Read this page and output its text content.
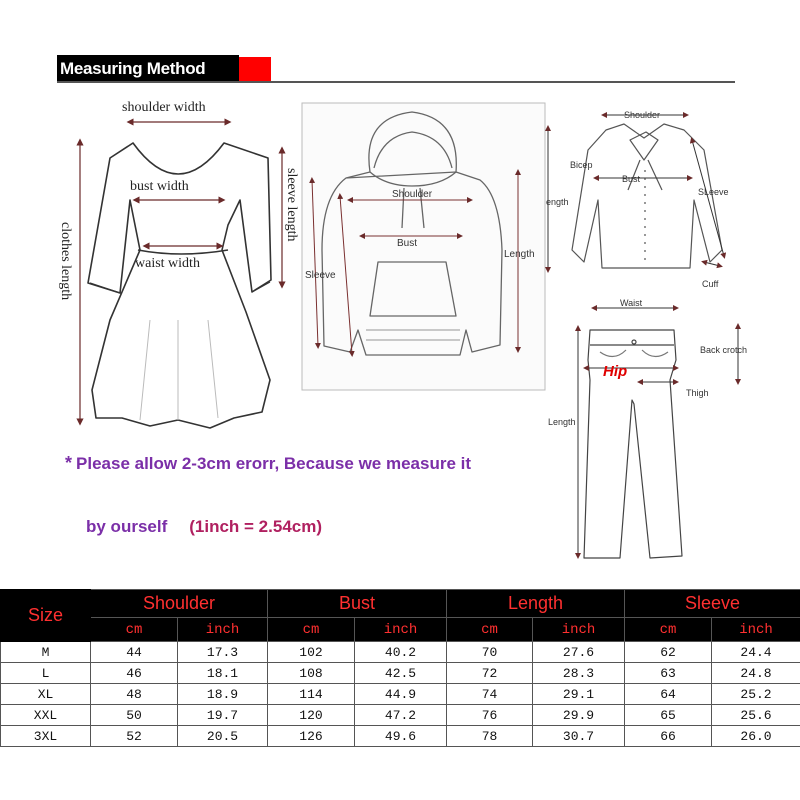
Measuring Method
shoulder width
bust width
waist width
sleeve length
clothes length
Shoulder
Bust
Length
Sleeve
Shoulder
Bicep
Bust
SLeeve
ength
Cuff
Waist
Back crotch
Hip
Thigh
Length
* Please allow 2-3cm erorr, Because we measure it
by ourself (1inch = 2.54cm)
Size	Shoulder		Bust		Length		Sleeve	
	cm	inch	cm	inch	cm	inch	cm	inch
M	44	17.3	102	40.2	70	27.6	62	24.4
L	46	18.1	108	42.5	72	28.3	63	24.8
XL	48	18.9	114	44.9	74	29.1	64	25.2
XXL	50	19.7	120	47.2	76	29.9	65	25.6
3XL	52	20.5	126	49.6	78	30.7	66	26.0
